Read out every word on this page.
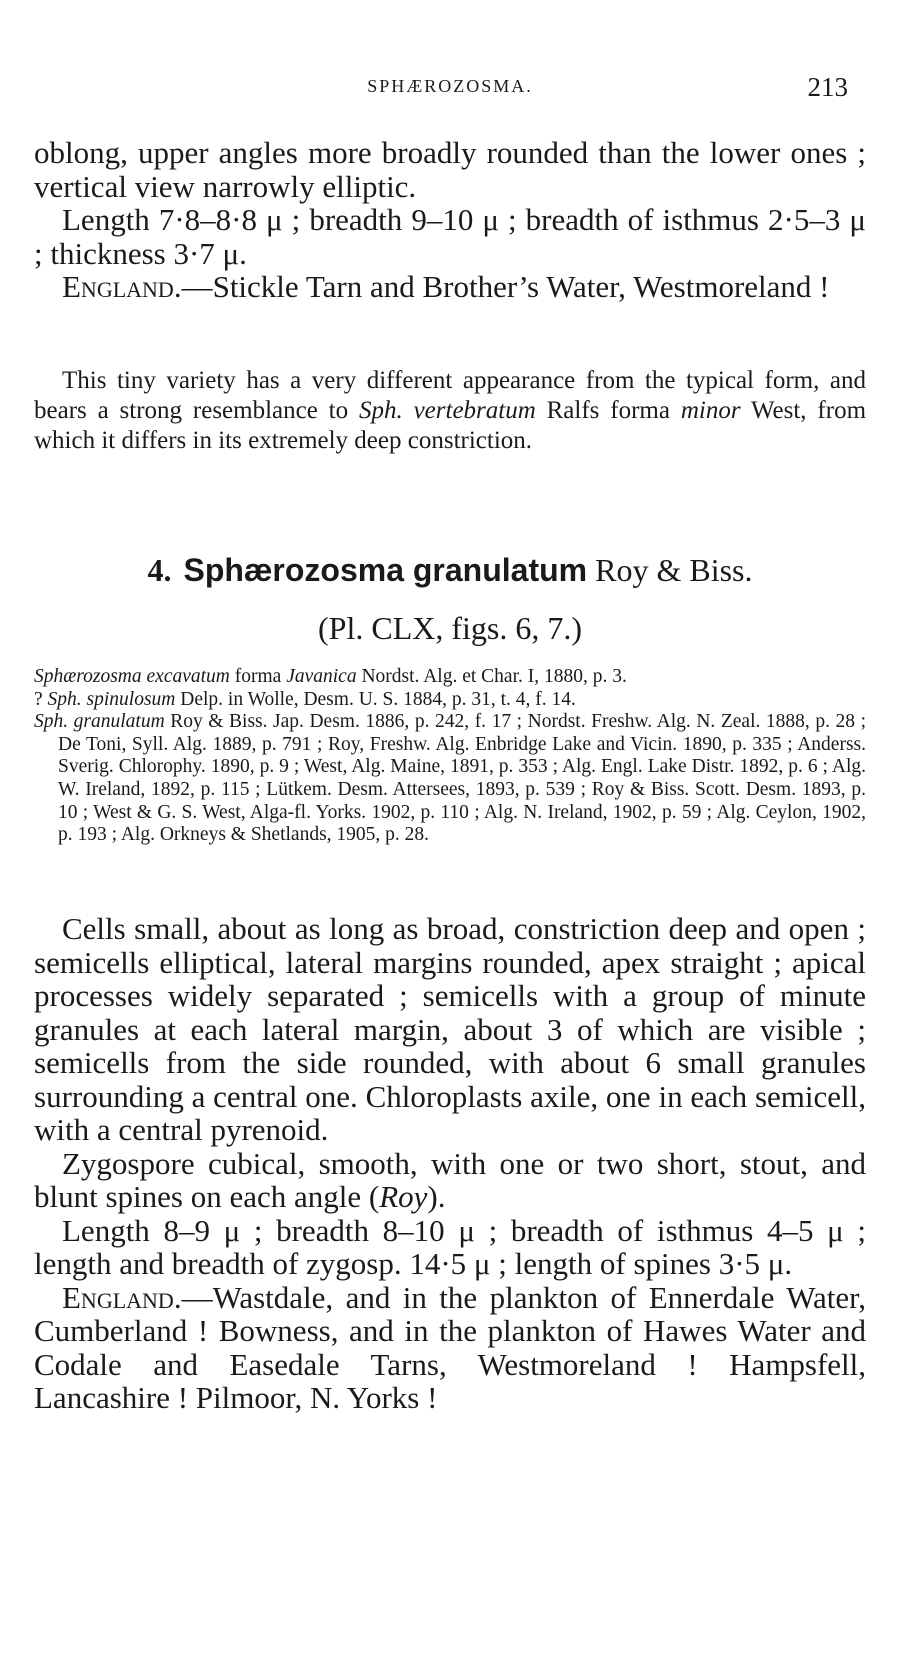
SPHÆROZOSMA.	213

oblong, upper angles more broadly rounded than the lower ones ; vertical view narrowly elliptic.

Length 7·8–8·8 μ ; breadth 9–10 μ ; breadth of isthmus 2·5–3 μ ; thickness 3·7 μ.

England.—Stickle Tarn and Brother’s Water, Westmoreland !

This tiny variety has a very different appearance from the typical form, and bears a strong resemblance to Sph. vertebratum Ralfs forma minor West, from which it differs in its extremely deep constriction.

4. Sphærozosma granulatum Roy & Biss.
(Pl. CLX, figs. 6, 7.)
Sphærozosma excavatum forma Javanica Nordst. Alg. et Char. I, 1880, p. 3.
? Sph. spinulosum Delp. in Wolle, Desm. U. S. 1884, p. 31, t. 4, f. 14.
Sph. granulatum Roy & Biss. Jap. Desm. 1886, p. 242, f. 17 ; Nordst. Freshw. Alg. N. Zeal. 1888, p. 28 ; De Toni, Syll. Alg. 1889, p. 791 ; Roy, Freshw. Alg. Enbridge Lake and Vicin. 1890, p. 335 ; Anderss. Sverig. Chlorophy. 1890, p. 9 ; West, Alg. Maine, 1891, p. 353 ; Alg. Engl. Lake Distr. 1892, p. 6 ; Alg. W. Ireland, 1892, p. 115 ; Lütkem. Desm. Attersees, 1893, p. 539 ; Roy & Biss. Scott. Desm. 1893, p. 10 ; West & G. S. West, Alga-fl. Yorks. 1902, p. 110 ; Alg. N. Ireland, 1902, p. 59 ; Alg. Ceylon, 1902, p. 193 ; Alg. Orkneys & Shetlands, 1905, p. 28.

Cells small, about as long as broad, constriction deep and open ; semicells elliptical, lateral margins rounded, apex straight ; apical processes widely separated ; semicells with a group of minute granules at each lateral margin, about 3 of which are visible ; semicells from the side rounded, with about 6 small granules surrounding a central one. Chloroplasts axile, one in each semicell, with a central pyrenoid.

Zygospore cubical, smooth, with one or two short, stout, and blunt spines on each angle (Roy).

Length 8–9 μ ; breadth 8–10 μ ; breadth of isthmus 4–5 μ ; length and breadth of zygosp. 14·5 μ ; length of spines 3·5 μ.

England.—Wastdale, and in the plankton of Ennerdale Water, Cumberland ! Bowness, and in the plankton of Hawes Water and Codale and Easedale Tarns, Westmoreland ! Hampsfell, Lancashire ! Pilmoor, N. Yorks !
